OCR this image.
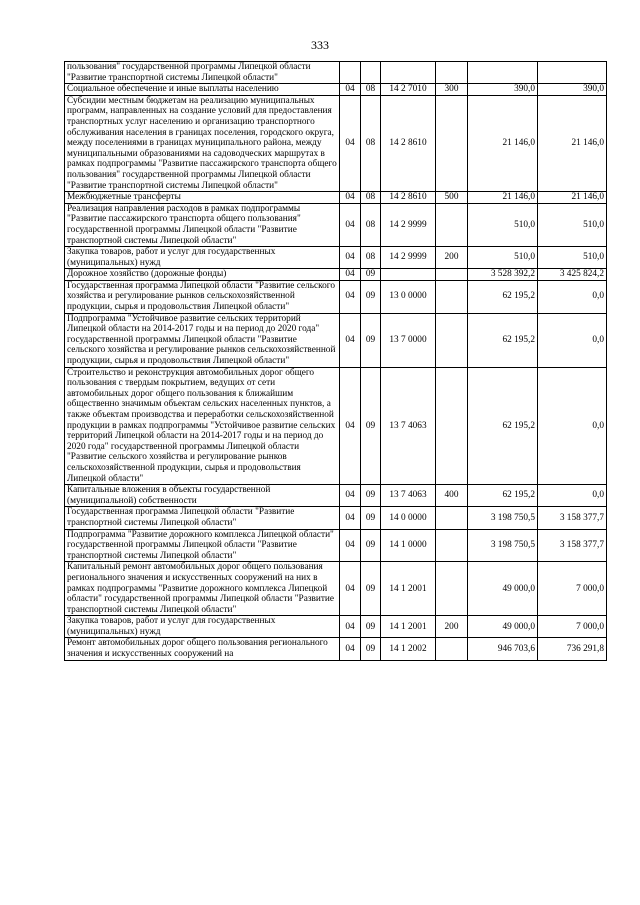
333
пользования" государственной программы Липецкой области "Развитие транспортной системы Липецкой области"						
Социальное обеспечение и иные выплаты населению	04	08	14 2 7010	300	390,0	390,0
Субсидии местным бюджетам на реализацию муниципальных программ, направленных на создание условий для предоставления транспортных услуг населению и организацию транспортного обслуживания населения в границах поселения, городского округа, между поселениями в границах муниципального района, между муниципальными образованиями на садоводческих маршрутах в рамках подпрограммы "Развитие пассажирского транспорта общего пользования" государственной программы Липецкой области "Развитие транспортной системы Липецкой области"	04	08	14 2 8610		21 146,0	21 146,0
Межбюджетные трансферты	04	08	14 2 8610	500	21 146,0	21 146,0
Реализация направления расходов в рамках подпрограммы "Развитие пассажирского транспорта общего пользования" государственной программы Липецкой области "Развитие транспортной системы Липецкой области"	04	08	14 2 9999		510,0	510,0
Закупка товаров, работ и услуг для государственных (муниципальных) нужд	04	08	14 2 9999	200	510,0	510,0
Дорожное хозяйство (дорожные фонды)	04	09			3 528 392,2	3 425 824,2
Государственная программа Липецкой области "Развитие сельского хозяйства и регулирование рынков сельскохозяйственной продукции, сырья и продовольствия Липецкой области"	04	09	13 0 0000		62 195,2	0,0
Подпрограмма "Устойчивое развитие сельских территорий Липецкой области на 2014-2017 годы и на период до 2020 года" государственной программы Липецкой области "Развитие сельского хозяйства и регулирование рынков сельскохозяйственной продукции, сырья и продовольствия Липецкой области"	04	09	13 7 0000		62 195,2	0,0
Строительство и реконструкция автомобильных дорог общего пользования с твердым покрытием, ведущих от сети автомобильных дорог общего пользования к ближайшим общественно значимым объектам сельских населенных пунктов, а также объектам производства и переработки сельскохозяйственной продукции в рамках подпрограммы "Устойчивое развитие сельских территорий Липецкой области на 2014-2017 годы и на период до 2020 года" государственной программы Липецкой области "Развитие сельского хозяйства и регулирование рынков сельскохозяйственной продукции, сырья и продовольствия Липецкой области"	04	09	13 7 4063		62 195,2	0,0
Капитальные вложения в объекты государственной (муниципальной) собственности	04	09	13 7 4063	400	62 195,2	0,0
Государственная программа Липецкой области "Развитие транспортной системы Липецкой области"	04	09	14 0 0000		3 198 750,5	3 158 377,7
Подпрограмма "Развитие дорожного комплекса Липецкой области" государственной программы Липецкой области "Развитие транспортной системы Липецкой области"	04	09	14 1 0000		3 198 750,5	3 158 377,7
Капитальный ремонт автомобильных дорог общего пользования регионального значения и искусственных сооружений на них в рамках подпрограммы "Развитие дорожного комплекса Липецкой области" государственной программы Липецкой области "Развитие транспортной системы Липецкой области"	04	09	14 1 2001		49 000,0	7 000,0
Закупка товаров, работ и услуг для государственных (муниципальных) нужд	04	09	14 1 2001	200	49 000,0	7 000,0
Ремонт автомобильных дорог общего пользования регионального значения и искусственных сооружений на	04	09	14 1 2002		946 703,6	736 291,8
